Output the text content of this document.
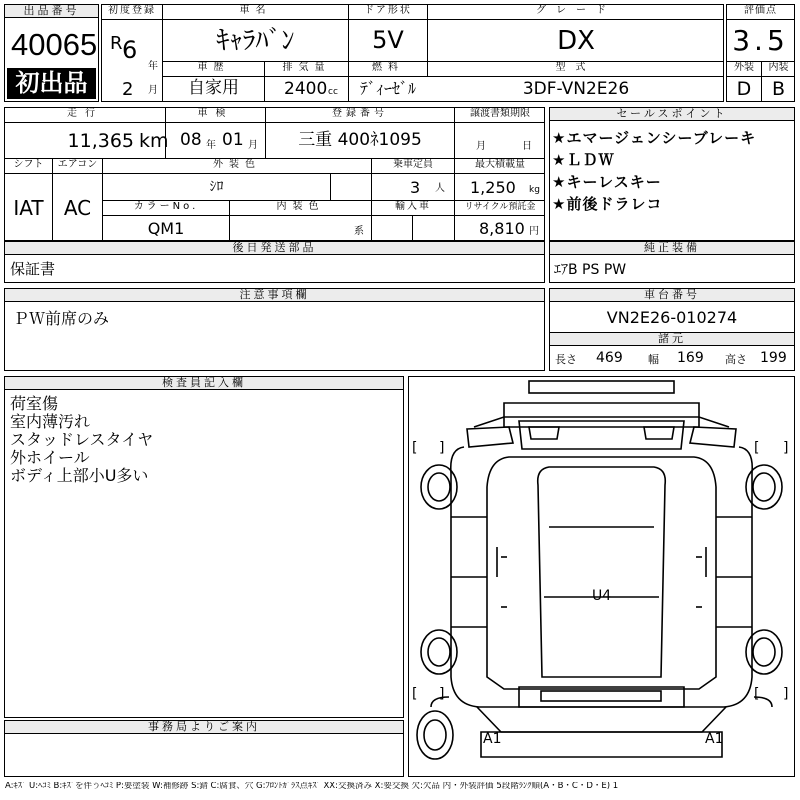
出品番号
40065
初出品
初度登録
R 6
年
2 月
車名
ｷｬﾗﾊﾞﾝ
車歴
自家用
排気量
2400 cc
ドア形状
5V
燃料
ﾃﾞｨｰｾﾞﾙ
グレード
DX
型式
3DF-VN2E26
評価点
3.5
外装	内装
D	B
走行
11,365 km
車検
08 年 01 月
登録番号
三重 400ﾈ1095
譲渡書類期限
月	日
シフト	エアコン
IAT	AC
外装色
ｼﾛ
乗車定員
3 人
最大積載量
1,250 kg
カラーNo.
QM1
内装色
系
輸入車	リサイクル預託金
8,810 円
セールスポイント
★エマージェンシーブレーキ
★ＬＤＷ
★キーレスキー
★前後ドラレコ
後日発送部品
保証書
純正装備
ｴｱB PS PW
注意事項欄
ＰＷ前席のみ
車台番号
VN2E26-010274
諸元
長さ 469 幅 169 高さ 199
検査員記入欄
荷室傷
室内薄汚れ
スタッドレスタイヤ
外ホイール
ボディ上部小U多い
事務局よりご案内
[ ]	[ ]
[ ]	[ ]
U4
A1	A1
A:ｷｽﾞ U:ﾍｺﾐ B:ｷｽﾞを伴うﾍｺﾐ P:要塗装 W:補修跡 S:錆 C:腐食、穴 G:ﾌﾛﾝﾄｶﾞﾗｽ点ｷｽﾞ XX:交換済み X:要交換 欠:欠品 内・外装評価 5段階ﾗﾝｸ順(A・B・C・D・E) 1
